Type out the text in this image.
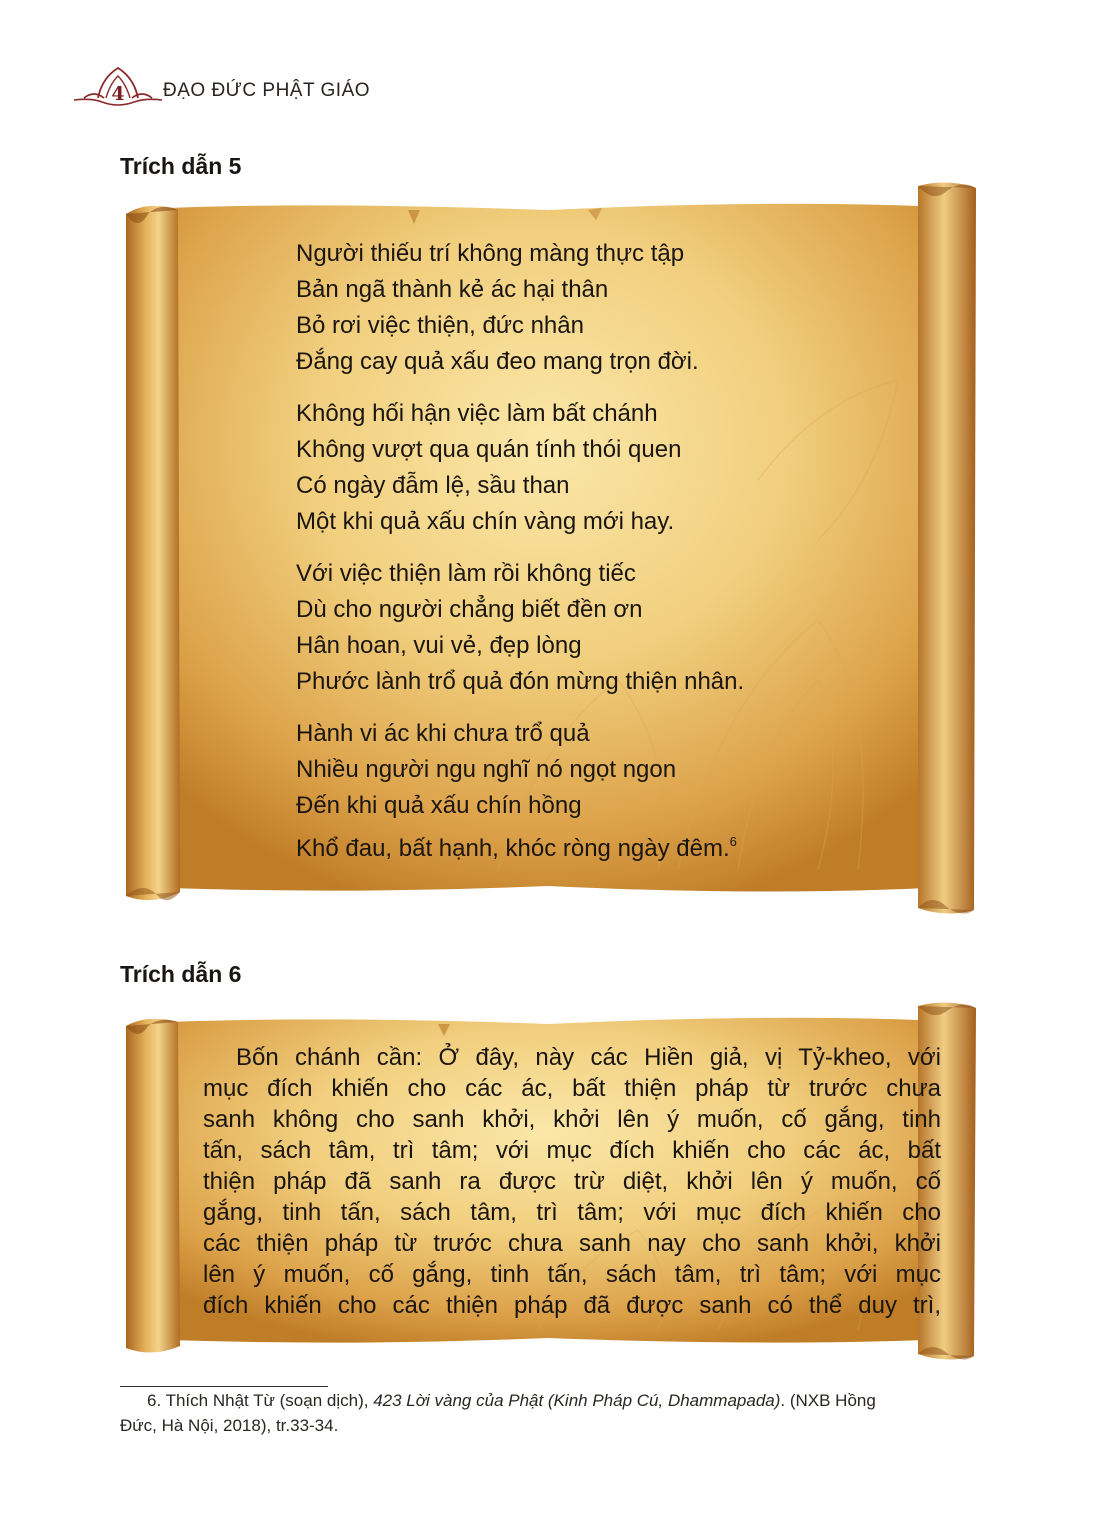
4 ĐẠO ĐỨC PHẬT GIÁO
Trích dẫn 5
Người thiếu trí không màng thực tập
Bản ngã thành kẻ ác hại thân
Bỏ rơi việc thiện, đức nhân
Đắng cay quả xấu đeo mang trọn đời.
Không hối hận việc làm bất chánh
Không vượt qua quán tính thói quen
Có ngày đẫm lệ, sầu than
Một khi quả xấu chín vàng mới hay.
Với việc thiện làm rồi không tiếc
Dù cho người chẳng biết đền ơn
Hân hoan, vui vẻ, đẹp lòng
Phước lành trổ quả đón mừng thiện nhân.
Hành vi ác khi chưa trổ quả
Nhiều người ngu nghĩ nó ngọt ngon
Đến khi quả xấu chín hồng
Khổ đau, bất hạnh, khóc ròng ngày đêm.$^6$
Trích dẫn 6
Bốn chánh cần: Ở đây, này các Hiền giả, vị Tỷ-kheo, với
mục đích khiến cho các ác, bất thiện pháp từ trước chưa
sanh không cho sanh khởi, khởi lên ý muốn, cố gắng, tinh
tấn, sách tâm, trì tâm; với mục đích khiến cho các ác, bất
thiện pháp đã sanh ra được trừ diệt, khởi lên ý muốn, cố
gắng, tinh tấn, sách tâm, trì tâm; với mục đích khiến cho
các thiện pháp từ trước chưa sanh nay cho sanh khởi, khởi
lên ý muốn, cố gắng, tinh tấn, sách tâm, trì tâm; với mục
đích khiến cho các thiện pháp đã được sanh có thể duy trì,
6. Thích Nhật Từ (soạn dịch), 423 Lời vàng của Phật (Kinh Pháp Cú, Dhammapada). (NXB Hồng
Đức, Hà Nội, 2018), tr.33-34.
